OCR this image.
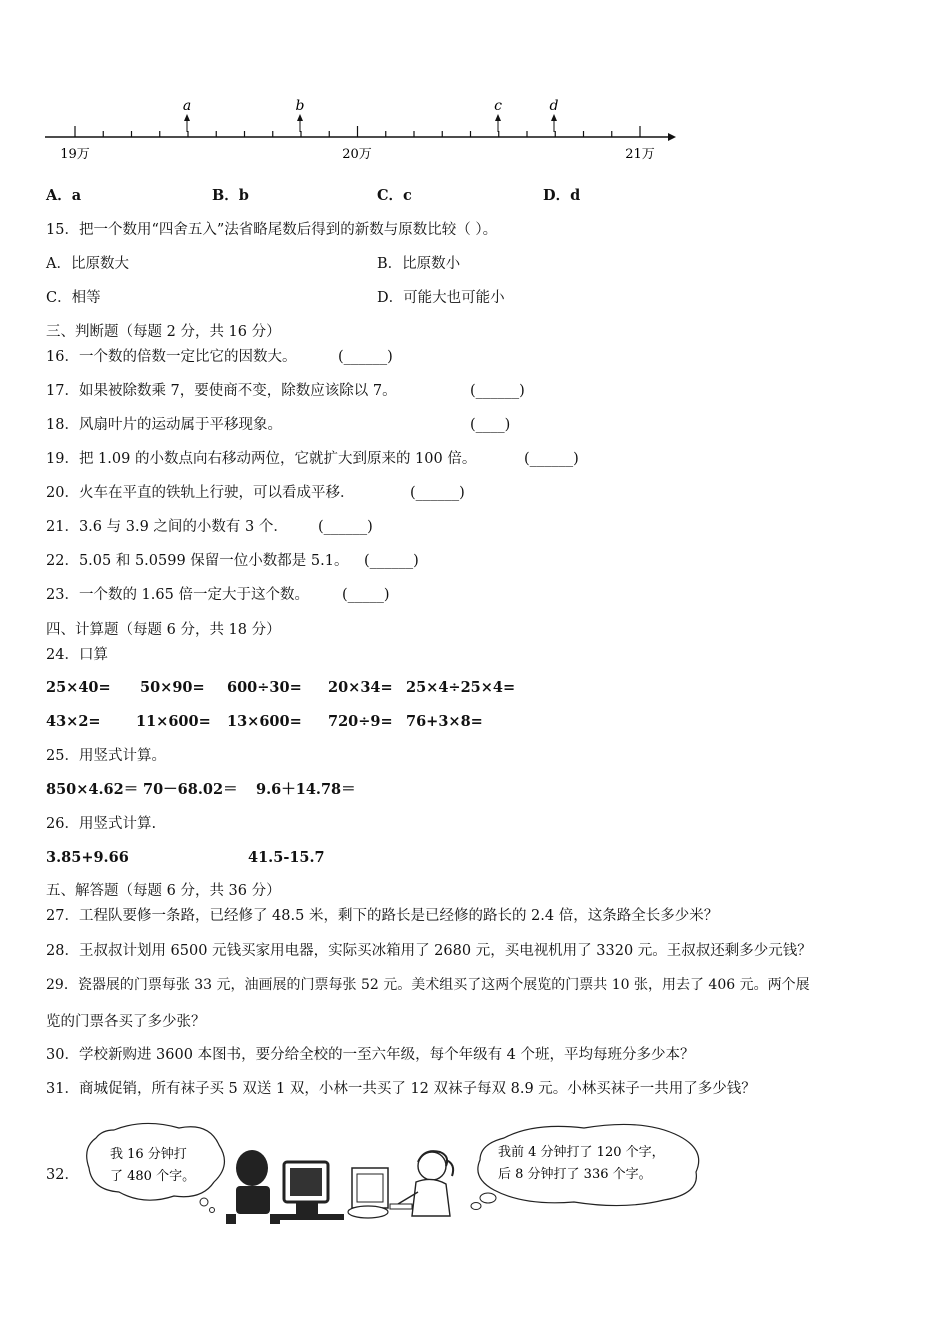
a	b	c	d
19万	20万	21万
A．a	B．b	C．c	D．d
15．把一个数用“四舍五入”法省略尾数后得到的新数与原数比较（ ）。
A．比原数大	B．比原数小
C．相等	D．可能大也可能小
三、判断题（每题 2 分，共 16 分）
16．一个数的倍数一定比它的因数大。	(______)
17．如果被除数乘 7，要使商不变，除数应该除以 7。	(______)
18．风扇叶片的运动属于平移现象。	(____)
19．把 1.09 的小数点向右移动两位，它就扩大到原来的 100 倍。	(______)
20．火车在平直的铁轨上行驶，可以看成平移．	(______)
21．3.6 与 3.9 之间的小数有 3 个． (______)
22．5.05 和 5.0599 保留一位小数都是 5.1。 (______)
23．一个数的 1.65 倍一定大于这个数。 (_____)
四、计算题（每题 6 分，共 18 分）
24．口算
25×40= 50×90= 600÷30= 20×34= 25×4÷25×4=
43×2= 11×600= 13×600= 720÷9= 76+3×8=
25．用竖式计算。
850×4.62＝ 70－68.02＝ 9.6＋14.78＝
26．用竖式计算.
3.85+9.66	41.5-15.7
五、解答题（每题 6 分，共 36 分）
27．工程队要修一条路，已经修了 48.5 米，剩下的路长是已经修的路长的 2.4 倍，这条路全长多少米？
28．王叔叔计划用 6500 元钱买家用电器，实际买冰箱用了 2680 元，买电视机用了 3320 元。王叔叔还剩多少元钱？
29．瓷器展的门票每张 33 元，油画展的门票每张 52 元。美术组买了这两个展览的门票共 10 张，用去了 406 元。两个展
览的门票各买了多少张？
30．学校新购进 3600 本图书，要分给全校的一至六年级，每个年级有 4 个班，平均每班分多少本？
31．商城促销，所有袜子买 5 双送 1 双，小林一共买了 12 双袜子每双 8.9 元。小林买袜子一共用了多少钱？
32．
我 16 分钟打
了 480 个字。
我前 4 分钟打了 120 个字，
后 8 分钟打了 336 个字。
